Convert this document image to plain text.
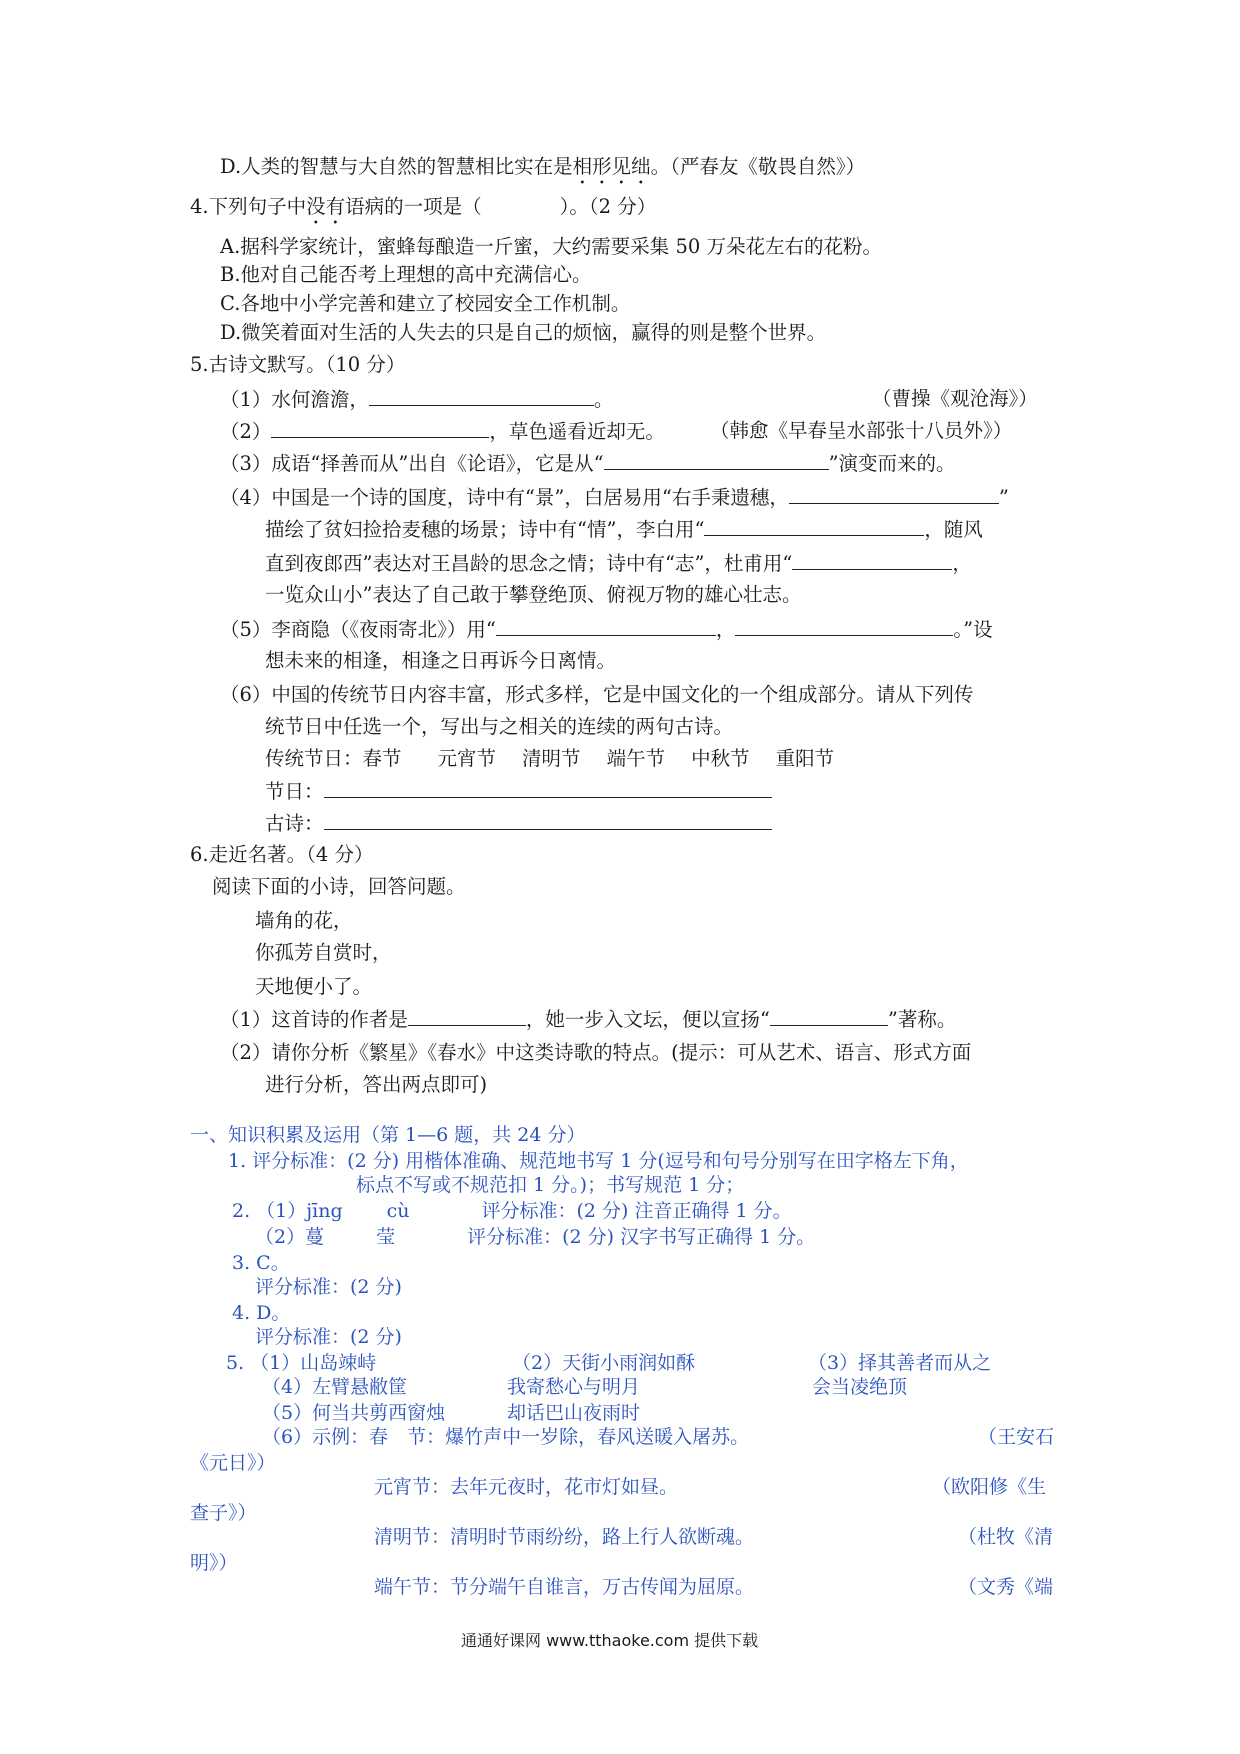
D.人类的智慧与大自然的智慧相比实在是相形见绌。（严春友《敬畏自然》）
4.下列句子中没有语病的一项是（	）。（2 分）
A.据科学家统计，蜜蜂每酿造一斤蜜，大约需要采集 50 万朵花左右的花粉。
B.他对自己能否考上理想的高中充满信心。
C.各地中小学完善和建立了校园安全工作机制。
D.微笑着面对生活的人失去的只是自己的烦恼，赢得的则是整个世界。
5.古诗文默写。（10 分）
（1）水何澹澹，	。	（曹操《观沧海》）
（2）	，草色遥看近却无。 （韩愈《早春呈水部张十八员外》）
（3）成语“择善而从”出自《论语》，它是从“	”演变而来的。
（4）中国是一个诗的国度，诗中有“景”，白居易用“右手秉遗穗，	”
描绘了贫妇捡拾麦穗的场景；诗中有“情”，李白用“	，随风
直到夜郎西”表达对王昌龄的思念之情；诗中有“志”，杜甫用“	，
一览众山小”表达了自己敢于攀登绝顶、俯视万物的雄心壮志。
（5）李商隐（《夜雨寄北》）用“	，	。”设
想未来的相逢，相逢之日再诉今日离情。
（6）中国的传统节日内容丰富，形式多样，它是中国文化的一个组成部分。请从下列传
统节日中任选一个，写出与之相关的连续的两句古诗。
传统节日：春节 元宵节 清明节 端午节 中秋节 重阳节
节日：
古诗：
6.走近名著。（4 分）
阅读下面的小诗，回答问题。
墙角的花，
你孤芳自赏时，
天地便小了。
（1）这首诗的作者是	，她一步入文坛，便以宣扬“	”著称。
（2）请你分析《繁星》《春水》中这类诗歌的特点。(提示：可从艺术、语言、形式方面
进行分析，答出两点即可)
一、知识积累及运用（第 1—6 题，共 24 分）
1. 评分标准：(2 分) 用楷体准确、规范地书写 1 分(逗号和句号分别写在田字格左下角，
标点不写或不规范扣 1 分。)；书写规范 1 分；
2. （1）jīng cù	评分标准：(2 分) 注音正确得 1 分。
（2）蔓	莹	评分标准：(2 分) 汉字书写正确得 1 分。
3. C。
评分标准：(2 分)
4. D。
评分标准：(2 分)
5. （1）山岛竦峙	（2）天街小雨润如酥	（3）择其善者而从之
（4）左臂悬敝筐	我寄愁心与明月	会当凌绝顶
（5）何当共剪西窗烛	却话巴山夜雨时
（6）示例：春　节：爆竹声中一岁除，春风送暖入屠苏。	（王安石
《元日》）
元宵节：去年元夜时，花市灯如昼。	（欧阳修《生
查子》）
清明节：清明时节雨纷纷，路上行人欲断魂。	（杜牧《清
明》）
端午节：节分端午自谁言，万古传闻为屈原。	（文秀《端
通通好课网 www.tthaoke.com 提供下载
